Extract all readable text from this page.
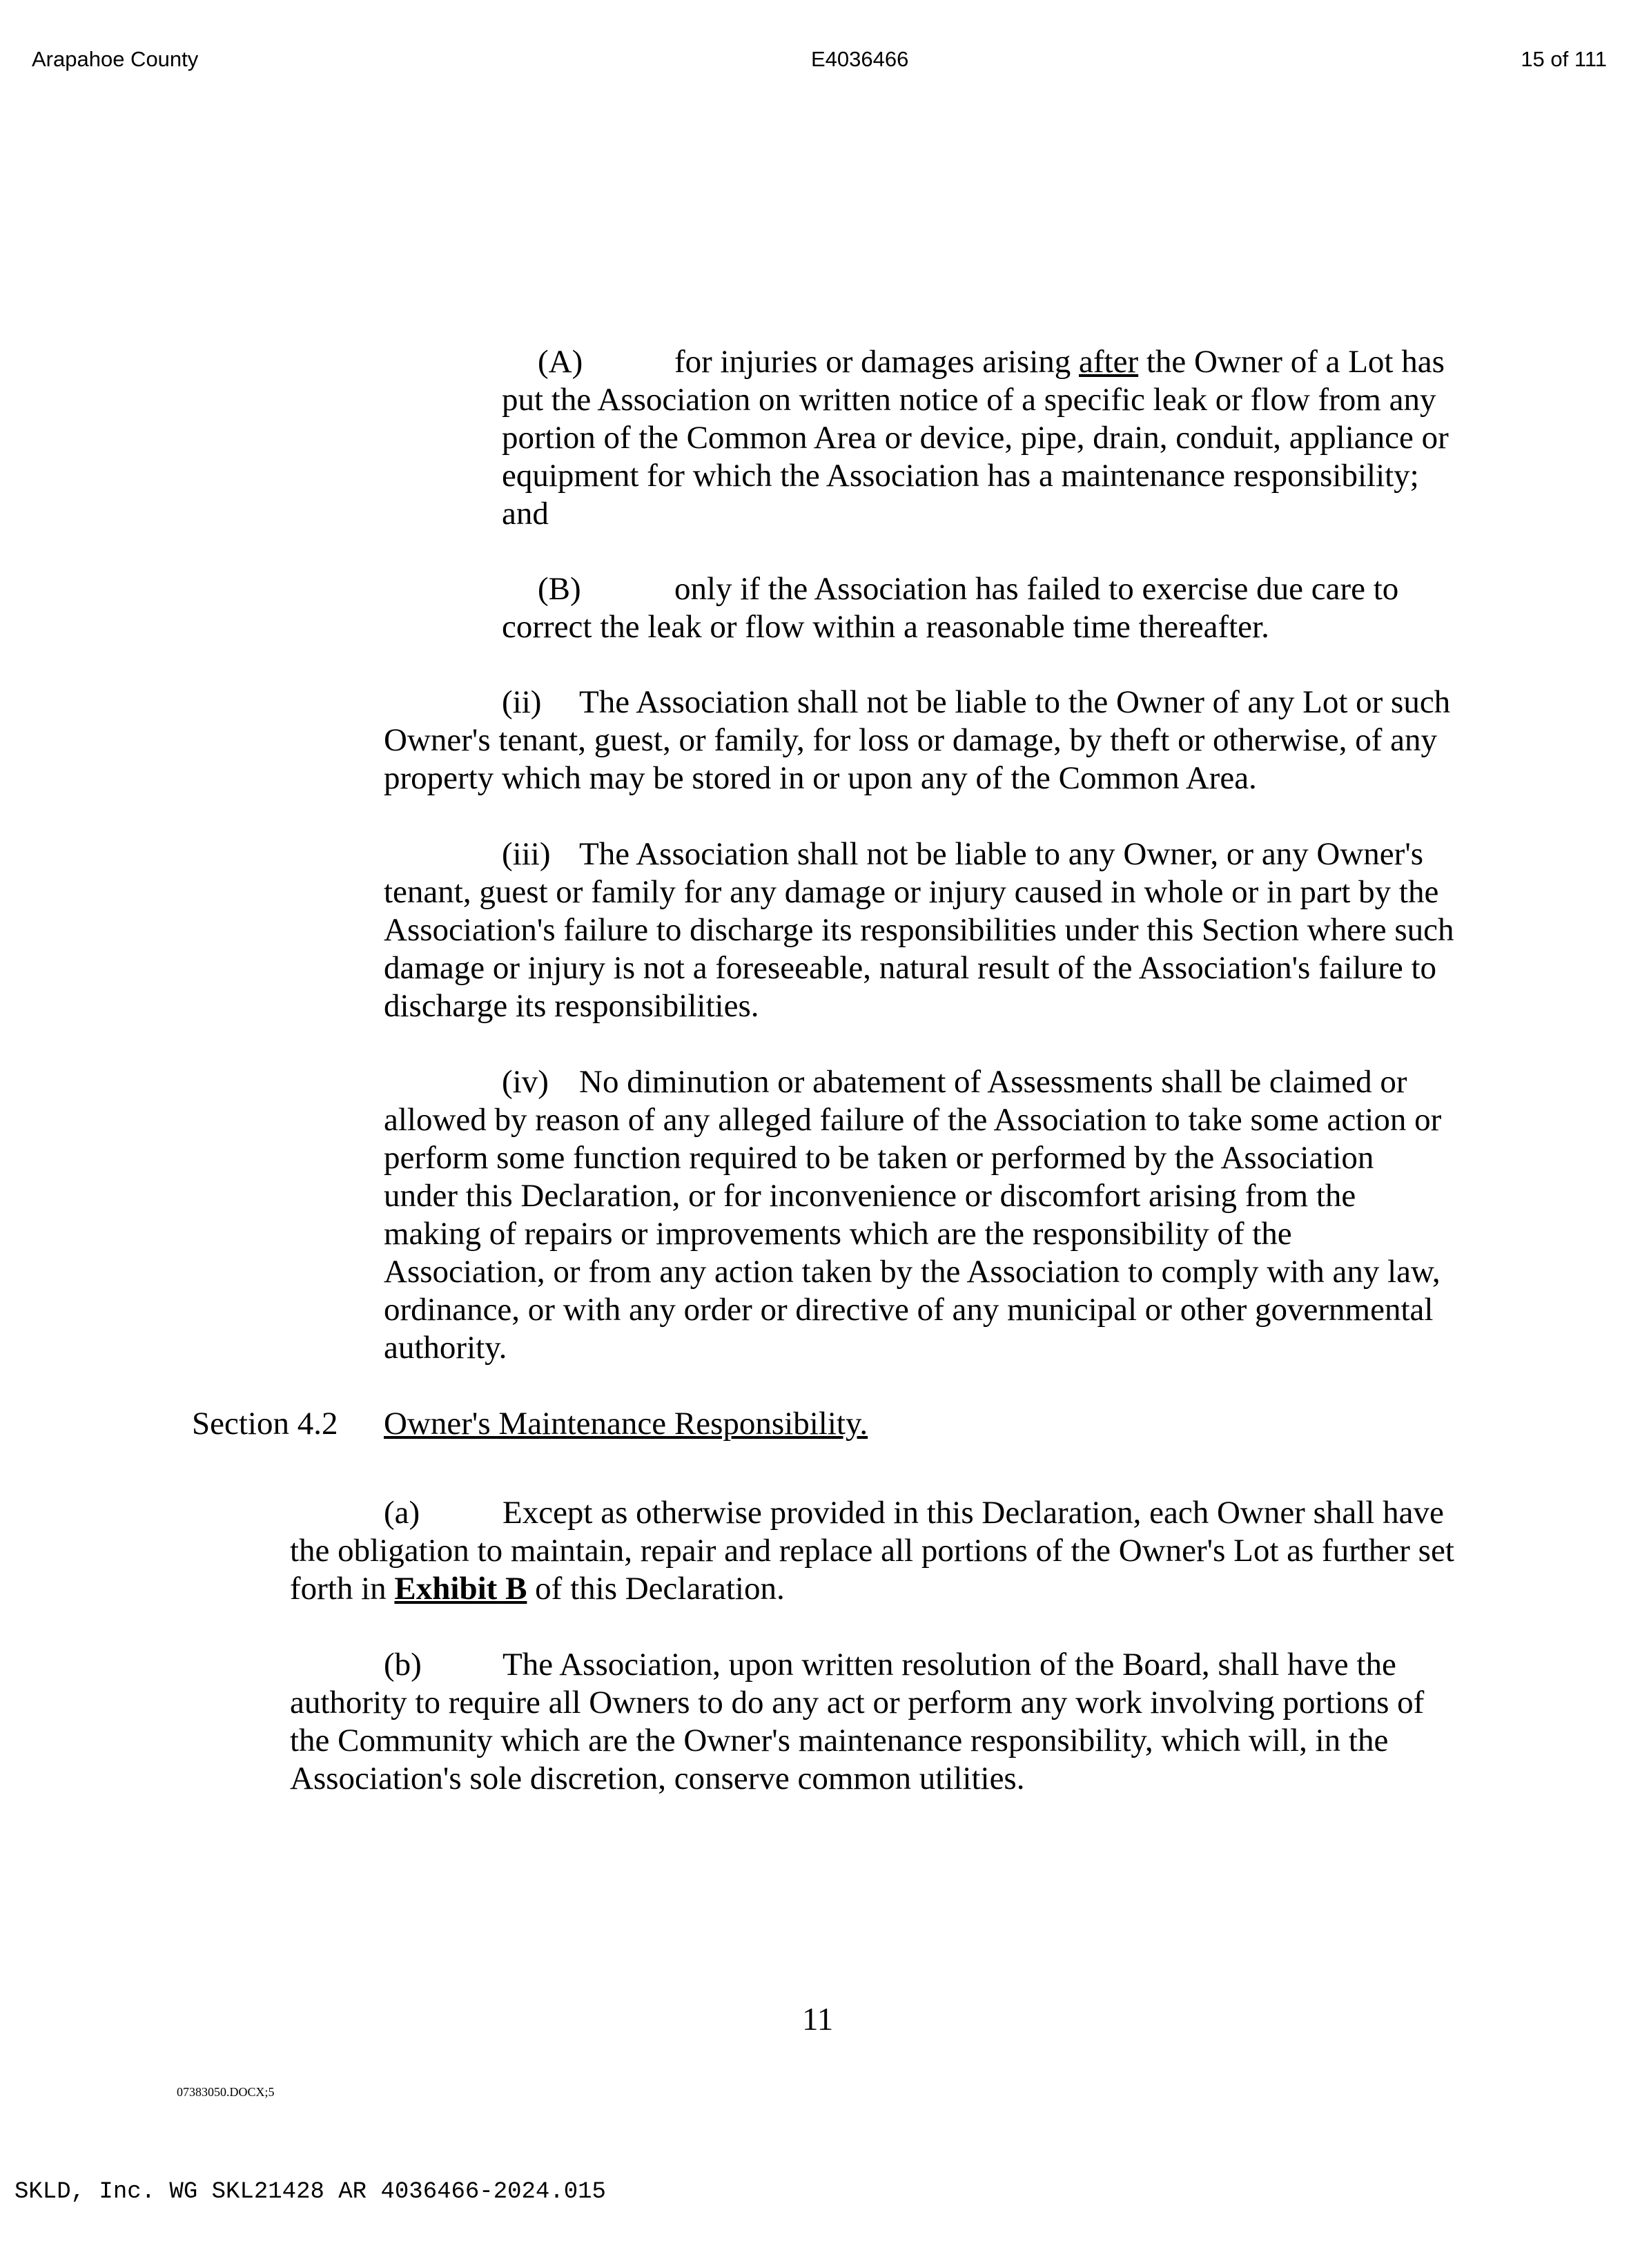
Arapahoe County	E4036466	15 of 111
(A)	for injuries or damages arising after the Owner of a Lot has
put the Association on written notice of a specific leak or flow from any
portion of the Common Area or device, pipe, drain, conduit, appliance or
equipment for which the Association has a maintenance responsibility;
and
(B)	only if the Association has failed to exercise due care to
correct the leak or flow within a reasonable time thereafter.
(ii) The Association shall not be liable to the Owner of any Lot or such
Owner's tenant, guest, or family, for loss or damage, by theft or otherwise, of any
property which may be stored in or upon any of the Common Area.
(iii) The Association shall not be liable to any Owner, or any Owner's
tenant, guest or family for any damage or injury caused in whole or in part by the
Association's failure to discharge its responsibilities under this Section where such
damage or injury is not a foreseeable, natural result of the Association's failure to
discharge its responsibilities.
(iv) No diminution or abatement of Assessments shall be claimed or
allowed by reason of any alleged failure of the Association to take some action or
perform some function required to be taken or performed by the Association
under this Declaration, or for inconvenience or discomfort arising from the
making of repairs or improvements which are the responsibility of the
Association, or from any action taken by the Association to comply with any law,
ordinance, or with any order or directive of any municipal or other governmental
authority.
Section 4.2 Owner's Maintenance Responsibility.
(a)	Except as otherwise provided in this Declaration, each Owner shall have
the obligation to maintain, repair and replace all portions of the Owner's Lot as further set
forth in Exhibit B of this Declaration.
(b) The Association, upon written resolution of the Board, shall have the
authority to require all Owners to do any act or perform any work involving portions of
the Community which are the Owner's maintenance responsibility, which will, in the
Association's sole discretion, conserve common utilities.
11
07383050.DOCX;5
SKLD, Inc. WG SKL21428 AR 4036466-2024.015
